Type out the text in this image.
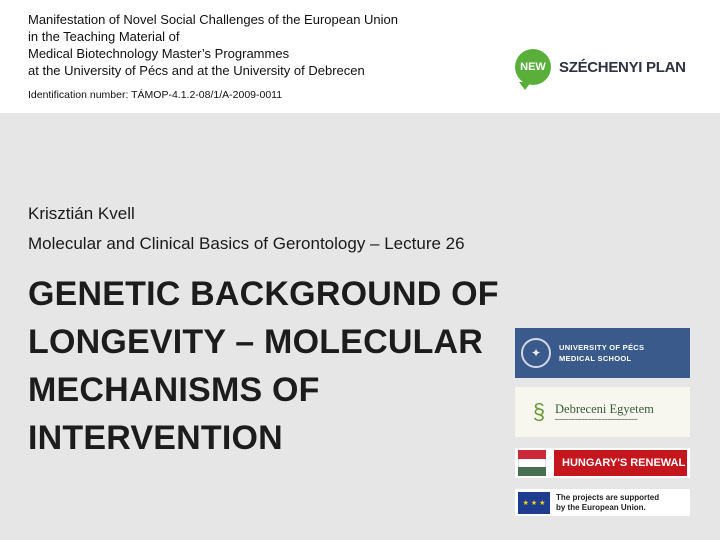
Manifestation of Novel Social Challenges of the European Union
in the Teaching Material of
Medical Biotechnology Master’s Programmes
at the University of Pécs and at the University of Debrecen
Identification number: TÁMOP-4.1.2-08/1/A-2009-0011
NEW SZÉCHENYI PLAN
Krisztián Kvell
Molecular and Clinical Basics of Gerontology – Lecture 26
GENETIC BACKGROUND OF
LONGEVITY – MOLECULAR
MECHANISMS OF
INTERVENTION
✦	UNIVERSITY OF PÉCS
MEDICAL SCHOOL
§ Debreceni Egyetem
━━━━━━━━━━━━━━━━━━━━━━━━━
HUNGARY'S RENEWAL
★ ★ ★
The projects are supported
by the European Union.
